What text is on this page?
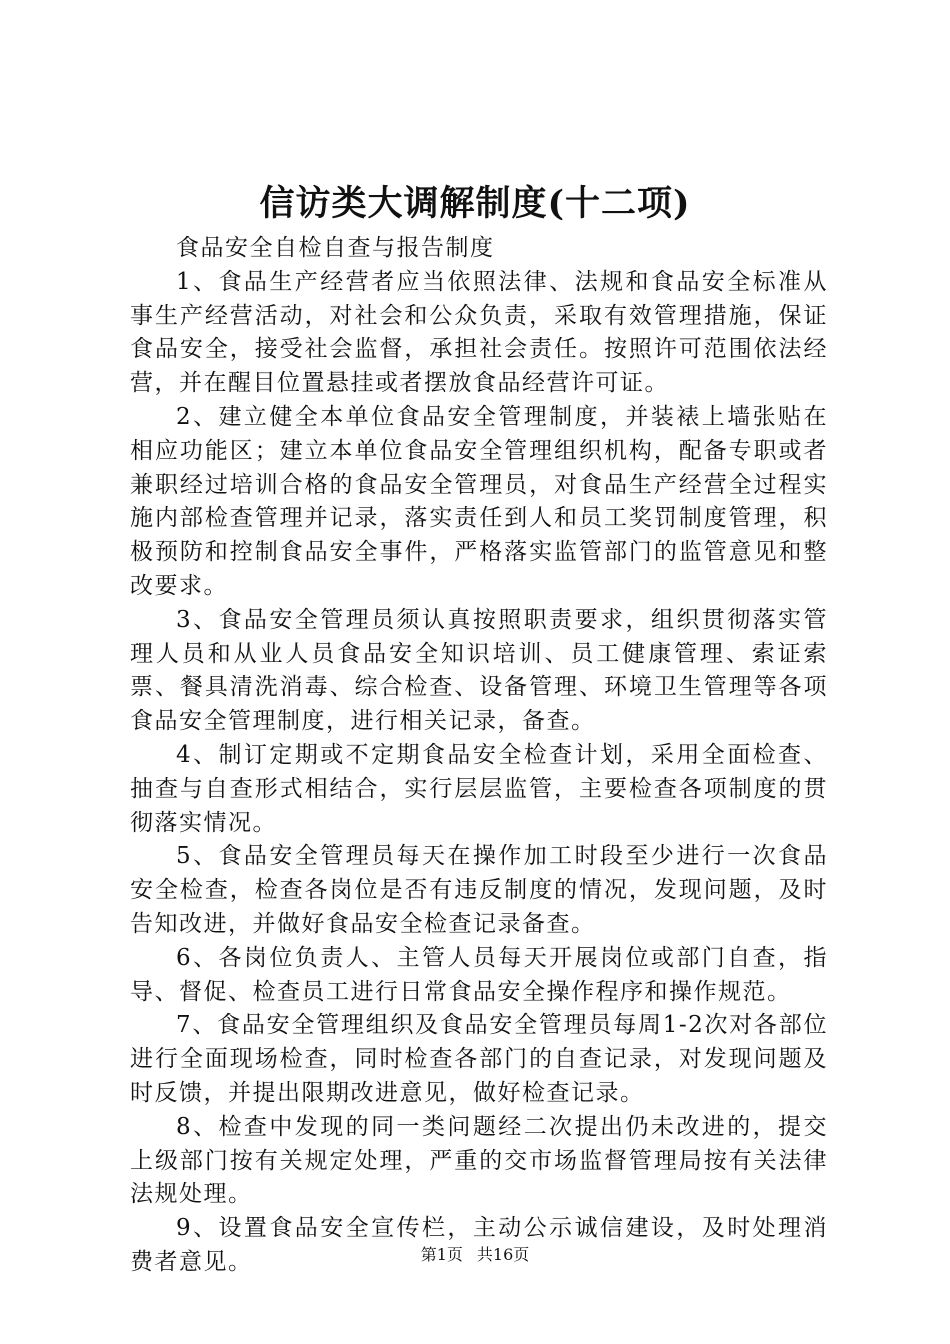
信访类大调解制度(十二项)

食品安全自检自查与报告制度

1、食品生产经营者应当依照法律、法规和食品安全标准从事生产经营活动，对社会和公众负责，采取有效管理措施，保证食品安全，接受社会监督，承担社会责任。按照许可范围依法经营，并在醒目位置悬挂或者摆放食品经营许可证。

2、建立健全本单位食品安全管理制度，并装裱上墙张贴在相应功能区；建立本单位食品安全管理组织机构，配备专职或者兼职经过培训合格的食品安全管理员，对食品生产经营全过程实施内部检查管理并记录，落实责任到人和员工奖罚制度管理，积极预防和控制食品安全事件，严格落实监管部门的监管意见和整改要求。

3、食品安全管理员须认真按照职责要求，组织贯彻落实管理人员和从业人员食品安全知识培训、员工健康管理、索证索票、餐具清洗消毒、综合检查、设备管理、环境卫生管理等各项食品安全管理制度，进行相关记录，备查。

4、制订定期或不定期食品安全检查计划，采用全面检查、抽查与自查形式相结合，实行层层监管，主要检查各项制度的贯彻落实情况。

5、食品安全管理员每天在操作加工时段至少进行一次食品安全检查，检查各岗位是否有违反制度的情况，发现问题，及时告知改进，并做好食品安全检查记录备查。

6、各岗位负责人、主管人员每天开展岗位或部门自查，指导、督促、检查员工进行日常食品安全操作程序和操作规范。

7、食品安全管理组织及食品安全管理员每周1-2次对各部位进行全面现场检查，同时检查各部门的自查记录，对发现问题及时反馈，并提出限期改进意见，做好检查记录。

8、检查中发现的同一类问题经二次提出仍未改进的，提交上级部门按有关规定处理，严重的交市场监督管理局按有关法律法规处理。

9、设置食品安全宣传栏，主动公示诚信建设，及时处理消费者意见。	第1页 共16页
